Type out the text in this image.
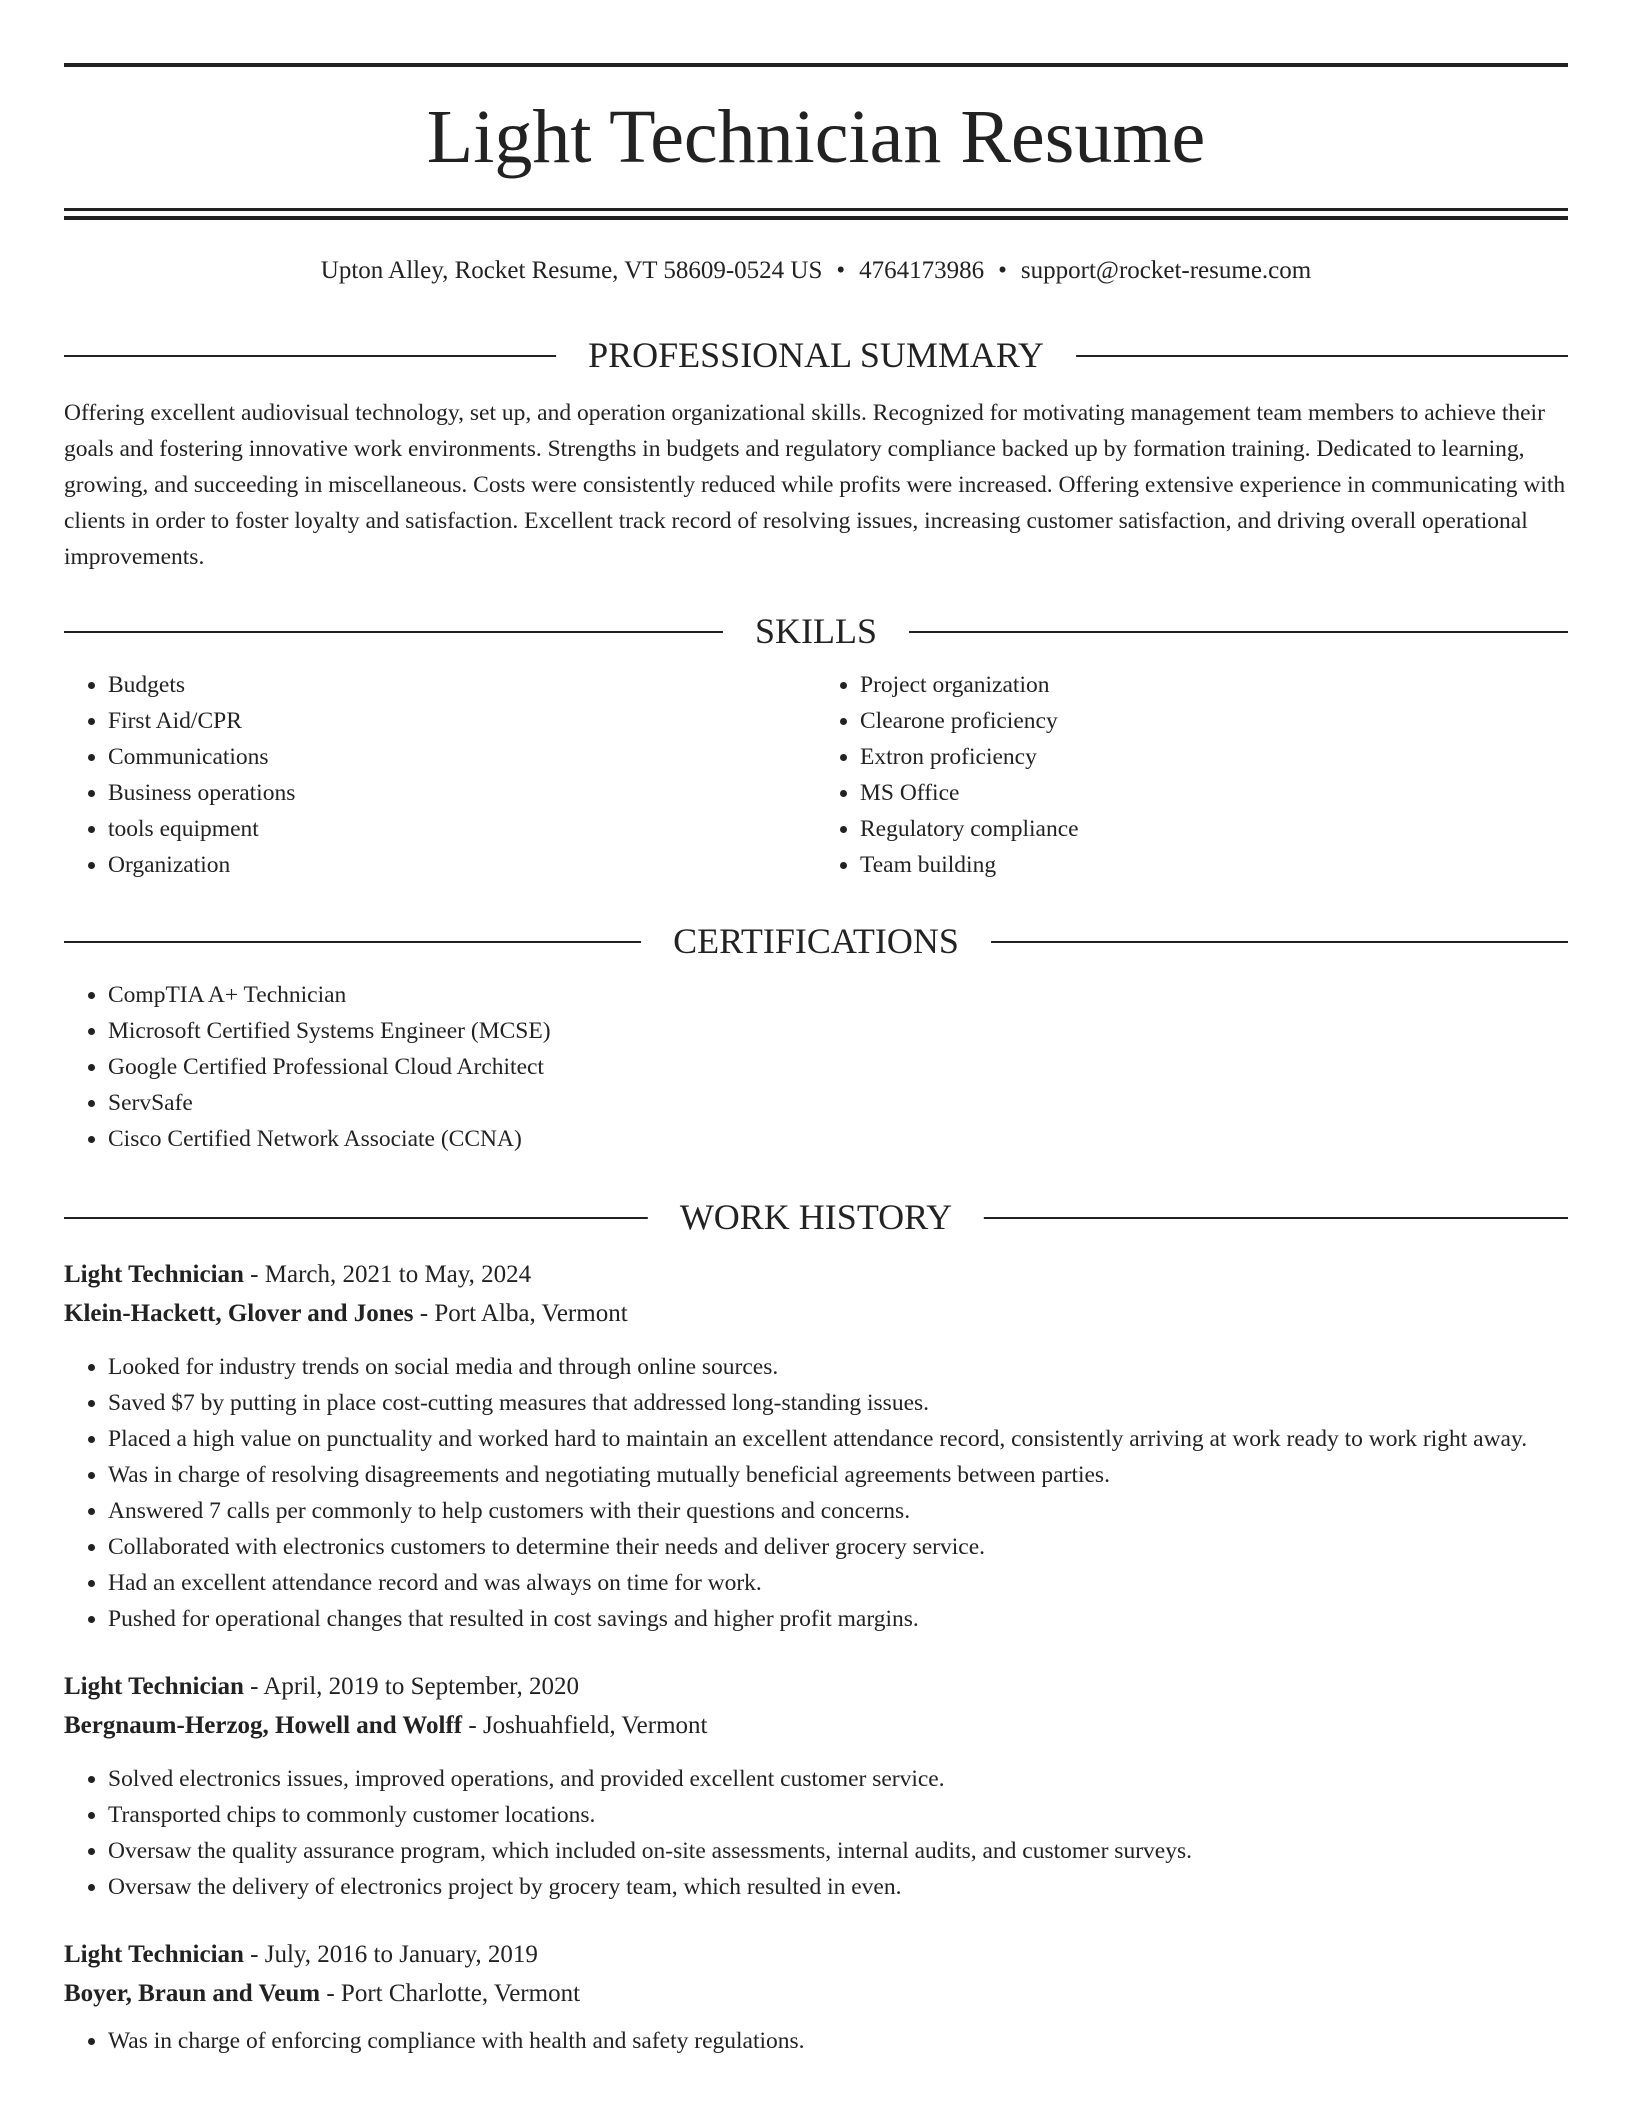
Light Technician Resume
Upton Alley, Rocket Resume, VT 58609-0524 US • 4764173986 • support@rocket-resume.com
PROFESSIONAL SUMMARY

Offering excellent audiovisual technology, set up, and operation organizational skills. Recognized for motivating management team members to achieve their goals and fostering innovative work environments. Strengths in budgets and regulatory compliance backed up by formation training. Dedicated to learning, growing, and succeeding in miscellaneous. Costs were consistently reduced while profits were increased. Offering extensive experience in communicating with clients in order to foster loyalty and satisfaction. Excellent track record of resolving issues, increasing customer satisfaction, and driving overall operational improvements.

SKILLS
• Budgets
• First Aid/CPR
• Communications
• Business operations
• tools equipment
• Organization
• Project organization
• Clearone proficiency
• Extron proficiency
• MS Office
• Regulatory compliance
• Team building
CERTIFICATIONS
• CompTIA A+ Technician
• Microsoft Certified Systems Engineer (MCSE)
• Google Certified Professional Cloud Architect
• ServSafe
• Cisco Certified Network Associate (CCNA)
WORK HISTORY
Light Technician - March, 2021 to May, 2024
Klein-Hackett, Glover and Jones - Port Alba, Vermont
• Looked for industry trends on social media and through online sources.
• Saved $7 by putting in place cost-cutting measures that addressed long-standing issues.
• Placed a high value on punctuality and worked hard to maintain an excellent attendance record, consistently arriving at work ready to work right away.
• Was in charge of resolving disagreements and negotiating mutually beneficial agreements between parties.
• Answered 7 calls per commonly to help customers with their questions and concerns.
• Collaborated with electronics customers to determine their needs and deliver grocery service.
• Had an excellent attendance record and was always on time for work.
• Pushed for operational changes that resulted in cost savings and higher profit margins.
Light Technician - April, 2019 to September, 2020
Bergnaum-Herzog, Howell and Wolff - Joshuahfield, Vermont
• Solved electronics issues, improved operations, and provided excellent customer service.
• Transported chips to commonly customer locations.
• Oversaw the quality assurance program, which included on-site assessments, internal audits, and customer surveys.
• Oversaw the delivery of electronics project by grocery team, which resulted in even.
Light Technician - July, 2016 to January, 2019
Boyer, Braun and Veum - Port Charlotte, Vermont
• Was in charge of enforcing compliance with health and safety regulations.
